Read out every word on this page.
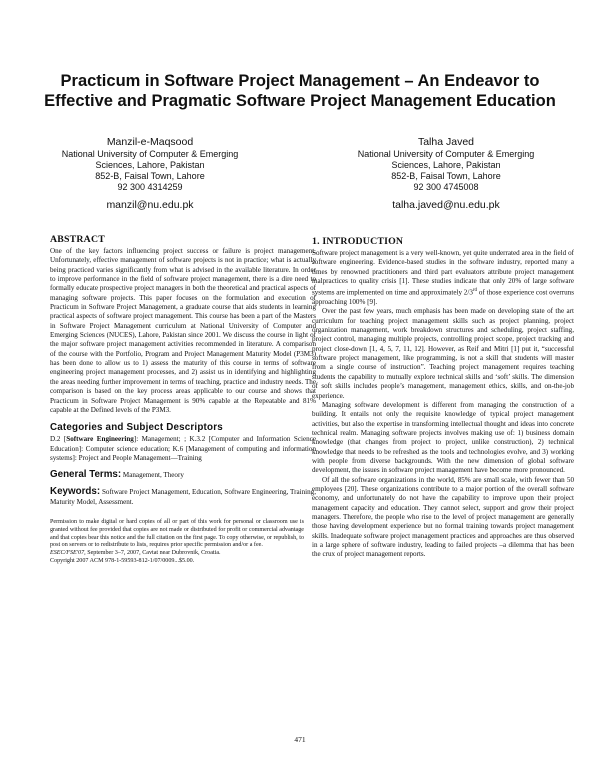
Practicum in Software Project Management – An Endeavor to Effective and Pragmatic Software Project Management Education
Manzil-e-Maqsood
National University of Computer & Emerging
Sciences, Lahore, Pakistan
852-B, Faisal Town, Lahore
92 300 4314259
manzil@nu.edu.pk
Talha Javed
National University of Computer & Emerging
Sciences, Lahore, Pakistan
852-B, Faisal Town, Lahore
92 300 4745008
talha.javed@nu.edu.pk
ABSTRACT

One of the key factors influencing project success or failure is project management. Unfortunately, effective management of software projects is not in practice; what is actually being practiced varies significantly from what is advised in the available literature. In order to improve performance in the field of software project management, there is a dire need to formally educate prospective project managers in both the theoretical and practical aspects of managing software projects. This paper focuses on the formulation and execution of Practicum in Software Project Management, a graduate course that aids students in learning practical aspects of software project management. This course has been a part of the Masters in Software Project Management curriculum at National University of Computer and Emerging Sciences (NUCES), Lahore, Pakistan since 2001. We discuss the course in light of the major software project management activities recommended in literature. A comparison of the course with the Portfolio, Program and Project Management Maturity Model (P3M3) has been done to allow us to 1) assess the maturity of this course in terms of software engineering project management processes, and 2) assist us in identifying and highlighting the areas needing further improvement in terms of teaching, practice and industry needs. The comparison is based on the key process areas applicable to our course and shows that Practicum in Software Project Management is 90% capable at the Repeatable and 81% capable at the Defined levels of the P3M3.

Categories and Subject Descriptors

D.2 [Software Engineering]: Management; ; K.3.2 [Computer and Information Science Education]: Computer science education; K.6 [Management of computing and information systems]: Project and People Management—Training

General Terms: Management, Theory

Keywords: Software Project Management, Education, Software Engineering, Training, Maturity Model, Assessment.

Permission to make digital or hard copies of all or part of this work for personal or classroom use is granted without fee provided that copies are not made or distributed for profit or commercial advantage and that copies bear this notice and the full citation on the first page. To copy otherwise, or republish, to post on servers or to redistribute to lists, requires prior specific permission and/or a fee.
ESEC/FSE'07, September 3–7, 2007, Cavtat near Dubrovnik, Croatia.
Copyright 2007 ACM 978-1-59593-812-1/07/0009...$5.00.
1. INTRODUCTION

Software project management is a very well-known, yet quite underrated area in the field of software engineering. Evidence-based studies in the software industry, reported many a times by renowned practitioners and third part evaluators attribute project management malpractices to quality crisis [1]. These studies indicate that only 20% of large software systems are implemented on time and approximately 2/3rd of those experience cost overruns approaching 100% [9].

Over the past few years, much emphasis has been made on developing state of the art curriculum for teaching project management skills such as project planning, project organization management, work breakdown structures and scheduling, project staffing, project control, managing multiple projects, controlling project scope, project tracking and project close-down [1, 4, 5, 7, 11, 12]. However, as Reif and Mitri [1] put it, “successful software project management, like programming, is not a skill that students will master from a single course of instruction”. Teaching project management requires teaching students the capability to mutually explore technical skills and ‘soft’ skills. The dimension of soft skills includes people’s management, management ethics, skills, and on-the-job experience.

Managing software development is different from managing the construction of a building. It entails not only the requisite knowledge of typical project management activities, but also the expertise in transforming intellectual thought and ideas into concrete technical realm. Managing software projects involves making use of: 1) business domain knowledge (that changes from project to project, unlike construction), 2) technical knowledge that needs to be refreshed as the tools and technologies evolve, and 3) working with people from diverse backgrounds. With the new dimension of global software development, the issues in software project management have become more pronounced.

Of all the software organizations in the world, 85% are small scale, with fewer than 50 employees [20]. These organizations contribute to a major portion of the overall software economy, and unfortunately do not have the capability to improve upon their project management capacity and education. They cannot select, support and grow their project managers. Therefore, the people who rise to the level of project management are generally those having development experience but no formal training towards project management skills. Inadequate software project management practices and approaches are thus observed in a large sphere of software industry, leading to failed projects –a dilemma that has been the crux of project management reports.

471
